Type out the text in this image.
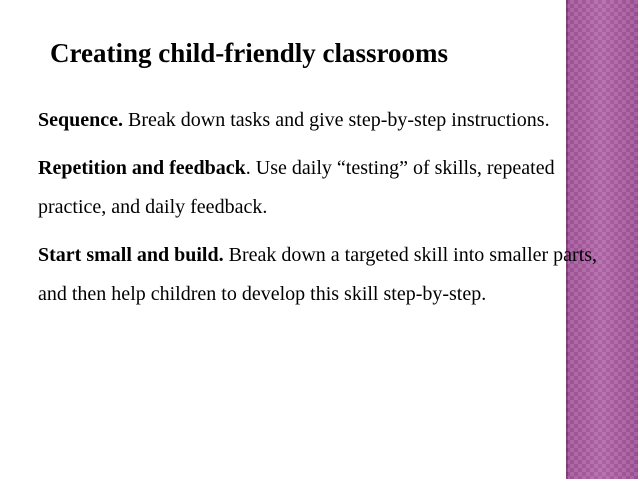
Creating child-friendly classrooms

Sequence. Break down tasks and give step-by-step instructions.

Repetition and feedback. Use daily “testing” of skills, repeated practice, and daily feedback.

Start small and build. Break down a targeted skill into smaller parts, and then help children to develop this skill step-by-step.
